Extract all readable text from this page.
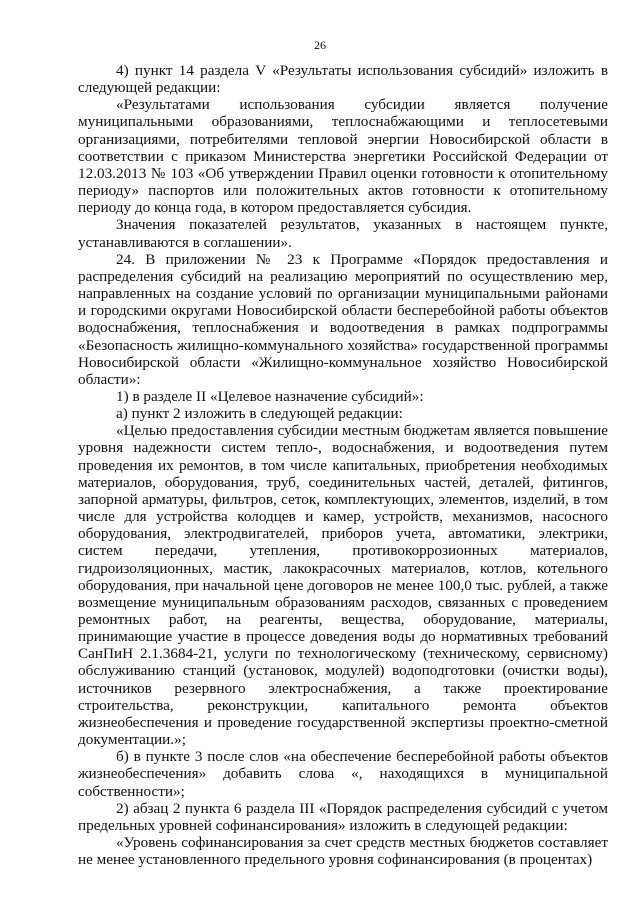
26

4) пункт 14 раздела V «Результаты использования субсидий» изложить в следующей редакции:

«Результатами использования субсидии является получение муниципальными образованиями, теплоснабжающими и теплосетевыми организациями, потребителями тепловой энергии Новосибирской области в соответствии с приказом Министерства энергетики Российской Федерации от 12.03.2013 № 103 «Об утверждении Правил оценки готовности к отопительному периоду» паспортов или положительных актов готовности к отопительному периоду до конца года, в котором предоставляется субсидия.

Значения показателей результатов, указанных в настоящем пункте, устанавливаются в соглашении».

24. В приложении № 23 к Программе «Порядок предоставления и распределения субсидий на реализацию мероприятий по осуществлению мер, направленных на создание условий по организации муниципальными районами и городскими округами Новосибирской области бесперебойной работы объектов водоснабжения, теплоснабжения и водоотведения в рамках подпрограммы «Безопасность жилищно-коммунального хозяйства» государственной программы Новосибирской области «Жилищно-коммунальное хозяйство Новосибирской области»:

1) в разделе II «Целевое назначение субсидий»:

а) пункт 2 изложить в следующей редакции:

«Целью предоставления субсидии местным бюджетам является повышение уровня надежности систем тепло-, водоснабжения, и водоотведения путем проведения их ремонтов, в том числе капитальных, приобретения необходимых материалов, оборудования, труб, соединительных частей, деталей, фитингов, запорной арматуры, фильтров, сеток, комплектующих, элементов, изделий, в том числе для устройства колодцев и камер, устройств, механизмов, насосного оборудования, электродвигателей, приборов учета, автоматики, электрики, систем передачи, утепления, противокоррозионных материалов, гидроизоляционных, мастик, лакокрасочных материалов, котлов, котельного оборудования, при начальной цене договоров не менее 100,0 тыс. рублей, а также возмещение муниципальным образованиям расходов, связанных с проведением ремонтных работ, на реагенты, вещества, оборудование, материалы, принимающие участие в процессе доведения воды до нормативных требований СанПиН 2.1.3684-21, услуги по технологическому (техническому, сервисному) обслуживанию станций (установок, модулей) водоподготовки (очистки воды), источников резервного электроснабжения, а также проектирование строительства, реконструкции, капитального ремонта объектов жизнеобеспечения и проведение государственной экспертизы проектно-сметной документации.»;

б) в пункте 3 после слов «на обеспечение бесперебойной работы объектов жизнеобеспечения» добавить слова «, находящихся в муниципальной собственности»;

2) абзац 2 пункта 6 раздела III «Порядок распределения субсидий с учетом предельных уровней софинансирования» изложить в следующей редакции:

«Уровень софинансирования за счет средств местных бюджетов составляет не менее установленного предельного уровня софинансирования (в процентах)
